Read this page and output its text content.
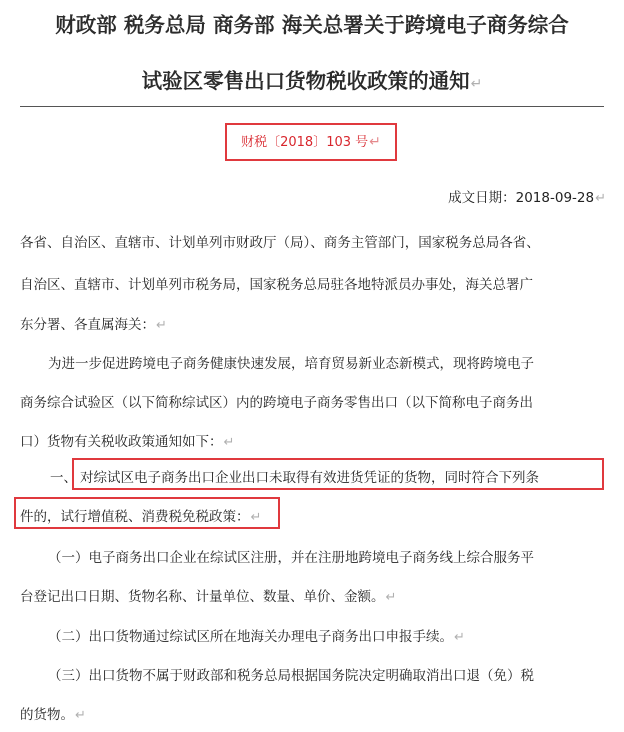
财政部 税务总局 商务部 海关总署关于跨境电子商务综合
试验区零售出口货物税收政策的通知↵
财税〔2018〕103 号↵
成文日期：2018-09-28↵
各省、自治区、直辖市、计划单列市财政厅（局）、商务主管部门，国家税务总局各省、
自治区、直辖市、计划单列市税务局，国家税务总局驻各地特派员办事处，海关总署广
东分署、各直属海关：↵
为进一步促进跨境电子商务健康快速发展，培育贸易新业态新模式，现将跨境电子
商务综合试验区（以下简称综试区）内的跨境电子商务零售出口（以下简称电子商务出
口）货物有关税收政策通知如下：↵
一、 对综试区电子商务出口企业出口未取得有效进货凭证的货物，同时符合下列条
件的，试行增值税、消费税免税政策：↵
（一）电子商务出口企业在综试区注册，并在注册地跨境电子商务线上综合服务平
台登记出口日期、货物名称、计量单位、数量、单价、金额。↵
（二）出口货物通过综试区所在地海关办理电子商务出口申报手续。↵
（三）出口货物不属于财政部和税务总局根据国务院决定明确取消出口退（免）税
的货物。↵
